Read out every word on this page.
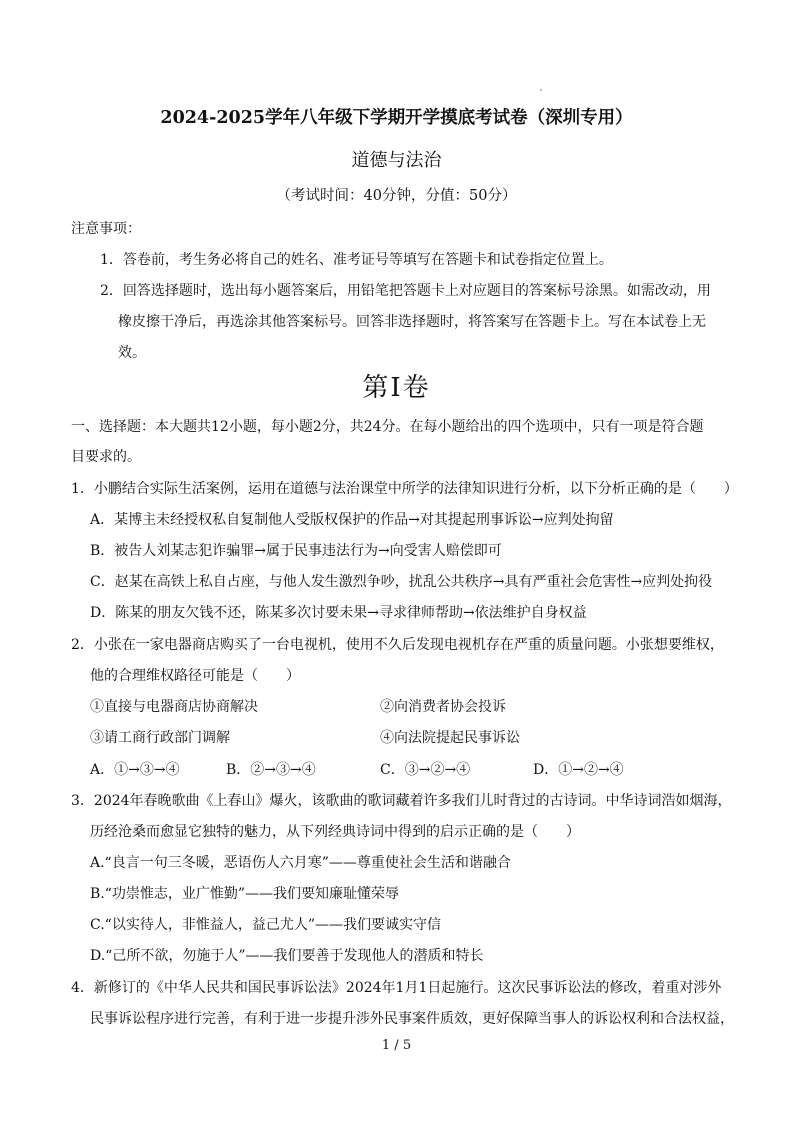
2024-2025学年八年级下学期开学摸底考试卷（深圳专用）
道德与法治
（考试时间：40分钟，分值：50分）
注意事项：
1．答卷前，考生务必将自己的姓名、准考证号等填写在答题卡和试卷指定位置上。
2．回答选择题时，选出每小题答案后，用铅笔把答题卡上对应题目的答案标号涂黑。如需改动，用
橡皮擦干净后，再选涂其他答案标号。回答非选择题时，将答案写在答题卡上。写在本试卷上无
效。
第Ⅰ卷
一、选择题：本大题共12小题，每小题2分，共24分。在每小题给出的四个选项中，只有一项是符合题
目要求的。
1．小鹏结合实际生活案例，运用在道德与法治课堂中所学的法律知识进行分析，以下分析正确的是（　　）
A．某博主未经授权私自复制他人受版权保护的作品→对其提起刑事诉讼→应判处拘留
B．被告人刘某志犯诈骗罪→属于民事违法行为→向受害人赔偿即可
C．赵某在高铁上私自占座，与他人发生激烈争吵，扰乱公共秩序→具有严重社会危害性→应判处拘役
D．陈某的朋友欠钱不还，陈某多次讨要未果→寻求律师帮助→依法维护自身权益
2．小张在一家电器商店购买了一台电视机，使用不久后发现电视机存在严重的质量问题。小张想要维权，
他的合理维权路径可能是（　　）
①直接与电器商店协商解决	②向消费者协会投诉
③请工商行政部门调解	④向法院提起民事诉讼
A．①→③→④	B．②→③→④	C．③→②→④	D．①→②→④
3．2024年春晚歌曲《上春山》爆火，该歌曲的歌词藏着许多我们儿时背过的古诗词。中华诗词浩如烟海，
历经沧桑而愈显它独特的魅力，从下列经典诗词中得到的启示正确的是（　　）
A.“良言一句三冬暖，恶语伤人六月寒”——尊重使社会生活和谐融合
B.“功崇惟志，业广惟勤”——我们要知廉耻懂荣辱
C.“以实待人，非惟益人，益己尤人”——我们要诚实守信
D.“己所不欲，勿施于人”——我们要善于发现他人的潜质和特长
4．新修订的《中华人民共和国民事诉讼法》2024年1月1日起施行。这次民事诉讼法的修改，着重对涉外
民事诉讼程序进行完善，有利于进一步提升涉外民事案件质效，更好保障当事人的诉讼权利和合法权益，
1 / 5
